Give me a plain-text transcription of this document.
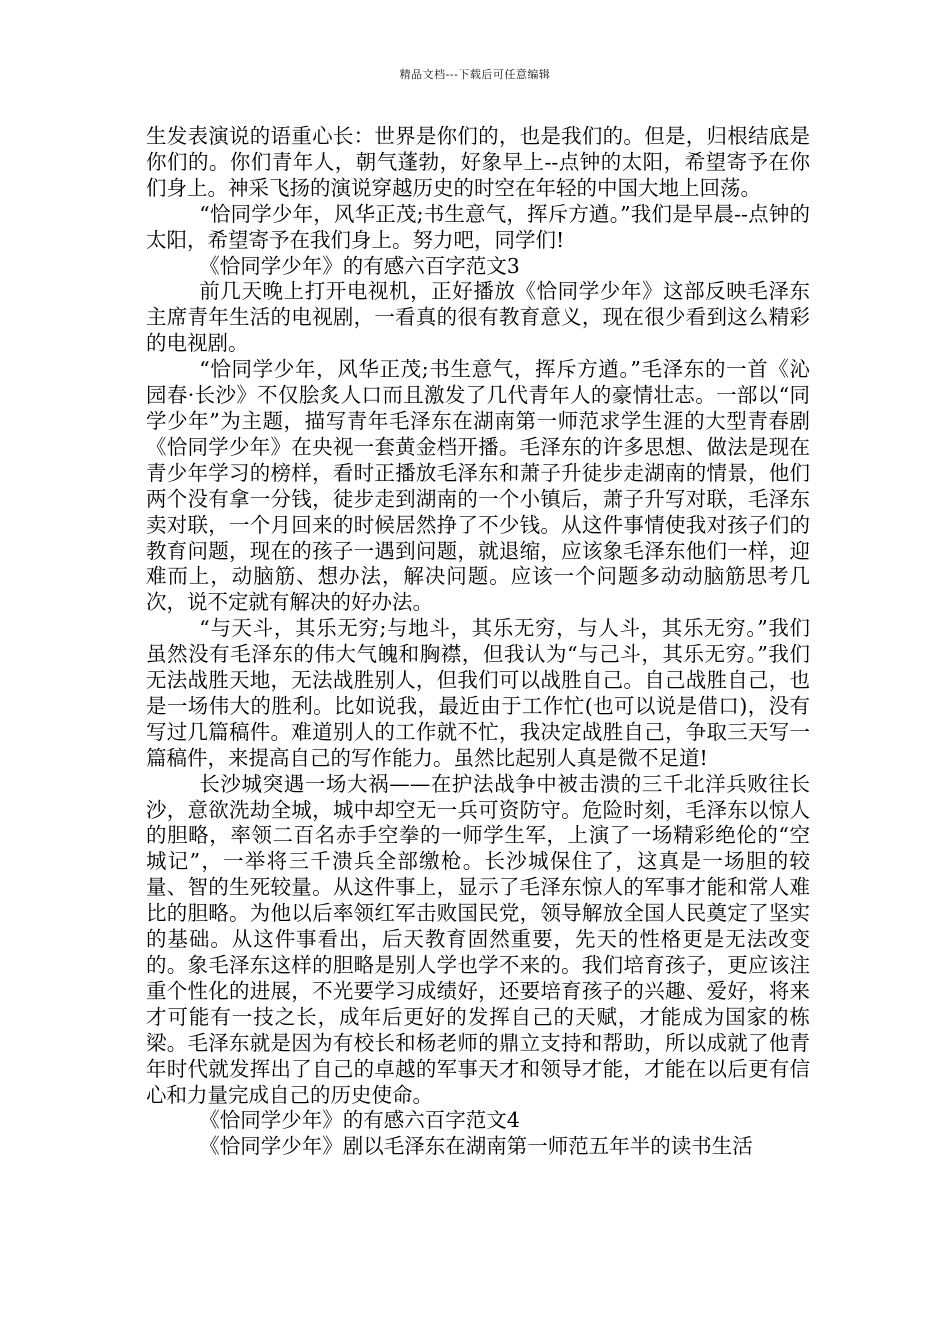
精品文档---下载后可任意编辑

生发表演说的语重心长：世界是你们的，也是我们的。但是，归根结底是你们的。你们青年人，朝气蓬勃，好象早上--点钟的太阳，希望寄予在你们身上。神采飞扬的演说穿越历史的时空在年轻的中国大地上回荡。

“恰同学少年，风华正茂;书生意气，挥斥方遒。”我们是早晨--点钟的太阳，希望寄予在我们身上。努力吧，同学们!

《恰同学少年》的有感六百字范文3

前几天晚上打开电视机，正好播放《恰同学少年》这部反映毛泽东主席青年生活的电视剧，一看真的很有教育意义，现在很少看到这么精彩的电视剧。

“恰同学少年，风华正茂;书生意气，挥斥方遒。”毛泽东的一首《沁园春·长沙》不仅脍炙人口而且激发了几代青年人的豪情壮志。一部以“同学少年”为主题，描写青年毛泽东在湖南第一师范求学生涯的大型青春剧《恰同学少年》在央视一套黄金档开播。毛泽东的许多思想、做法是现在青少年学习的榜样，看时正播放毛泽东和萧子升徒步走湖南的情景，他们两个没有拿一分钱，徒步走到湖南的一个小镇后，萧子升写对联，毛泽东卖对联，一个月回来的时候居然挣了不少钱。从这件事情使我对孩子们的教育问题，现在的孩子一遇到问题，就退缩，应该象毛泽东他们一样，迎难而上，动脑筋、想办法，解决问题。应该一个问题多动动脑筋思考几次，说不定就有解决的好办法。

“与天斗，其乐无穷;与地斗，其乐无穷，与人斗，其乐无穷。”我们虽然没有毛泽东的伟大气魄和胸襟，但我认为“与己斗，其乐无穷。”我们无法战胜天地，无法战胜别人，但我们可以战胜自己。自己战胜自己，也是一场伟大的胜利。比如说我，最近由于工作忙(也可以说是借口)，没有写过几篇稿件。难道别人的工作就不忙，我决定战胜自己，争取三天写一篇稿件，来提高自己的写作能力。虽然比起别人真是微不足道!

长沙城突遇一场大祸——在护法战争中被击溃的三千北洋兵败往长沙，意欲洗劫全城，城中却空无一兵可资防守。危险时刻，毛泽东以惊人的胆略，率领二百名赤手空拳的一师学生军，上演了一场精彩绝伦的“空城记”，一举将三千溃兵全部缴枪。长沙城保住了，这真是一场胆的较量、智的生死较量。从这件事上，显示了毛泽东惊人的军事才能和常人难比的胆略。为他以后率领红军击败国民党，领导解放全国人民奠定了坚实的基础。从这件事看出，后天教育固然重要，先天的性格更是无法改变的。象毛泽东这样的胆略是别人学也学不来的。我们培育孩子，更应该注重个性化的进展，不光要学习成绩好，还要培育孩子的兴趣、爱好，将来才可能有一技之长，成年后更好的发挥自己的天赋，才能成为国家的栋梁。毛泽东就是因为有校长和杨老师的鼎立支持和帮助，所以成就了他青年时代就发挥出了自己的卓越的军事天才和领导才能，才能在以后更有信心和力量完成自己的历史使命。

《恰同学少年》的有感六百字范文4

《恰同学少年》剧以毛泽东在湖南第一师范五年半的读书生活
